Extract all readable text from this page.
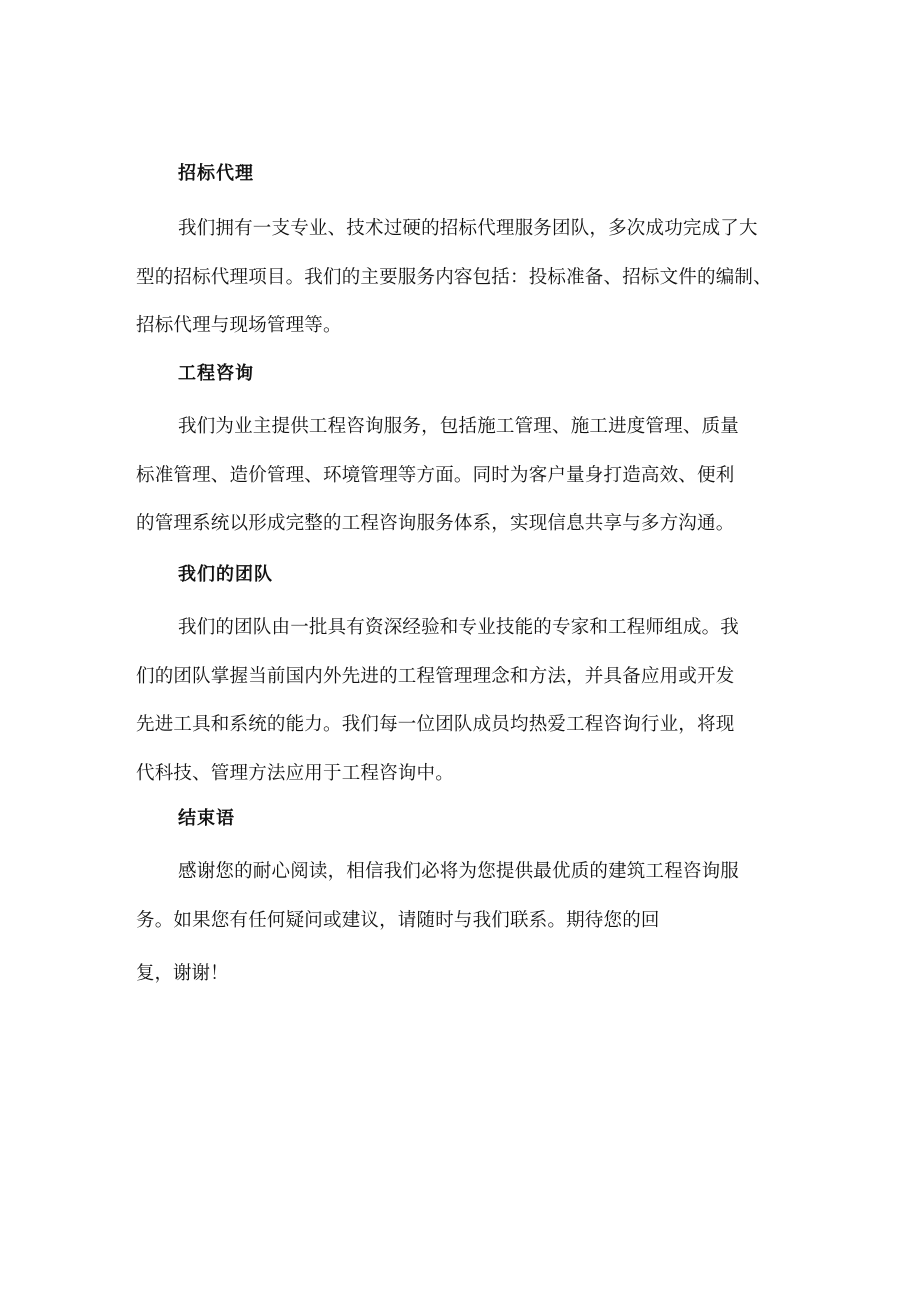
招标代理

我们拥有一支专业、技术过硬的招标代理服务团队，多次成功完成了大
型的招标代理项目。我们的主要服务内容包括：投标准备、招标文件的编制、
招标代理与现场管理等。

工程咨询

我们为业主提供工程咨询服务，包括施工管理、施工进度管理、质量
标准管理、造价管理、环境管理等方面。同时为客户量身打造高效、便利
的管理系统以形成完整的工程咨询服务体系，实现信息共享与多方沟通。

我们的团队

我们的团队由一批具有资深经验和专业技能的专家和工程师组成。我
们的团队掌握当前国内外先进的工程管理理念和方法，并具备应用或开发
先进工具和系统的能力。我们每一位团队成员均热爱工程咨询行业，将现
代科技、管理方法应用于工程咨询中。

结束语

感谢您的耐心阅读，相信我们必将为您提供最优质的建筑工程咨询服
务。如果您有任何疑问或建议，请随时与我们联系。期待您的回

复，谢谢！
